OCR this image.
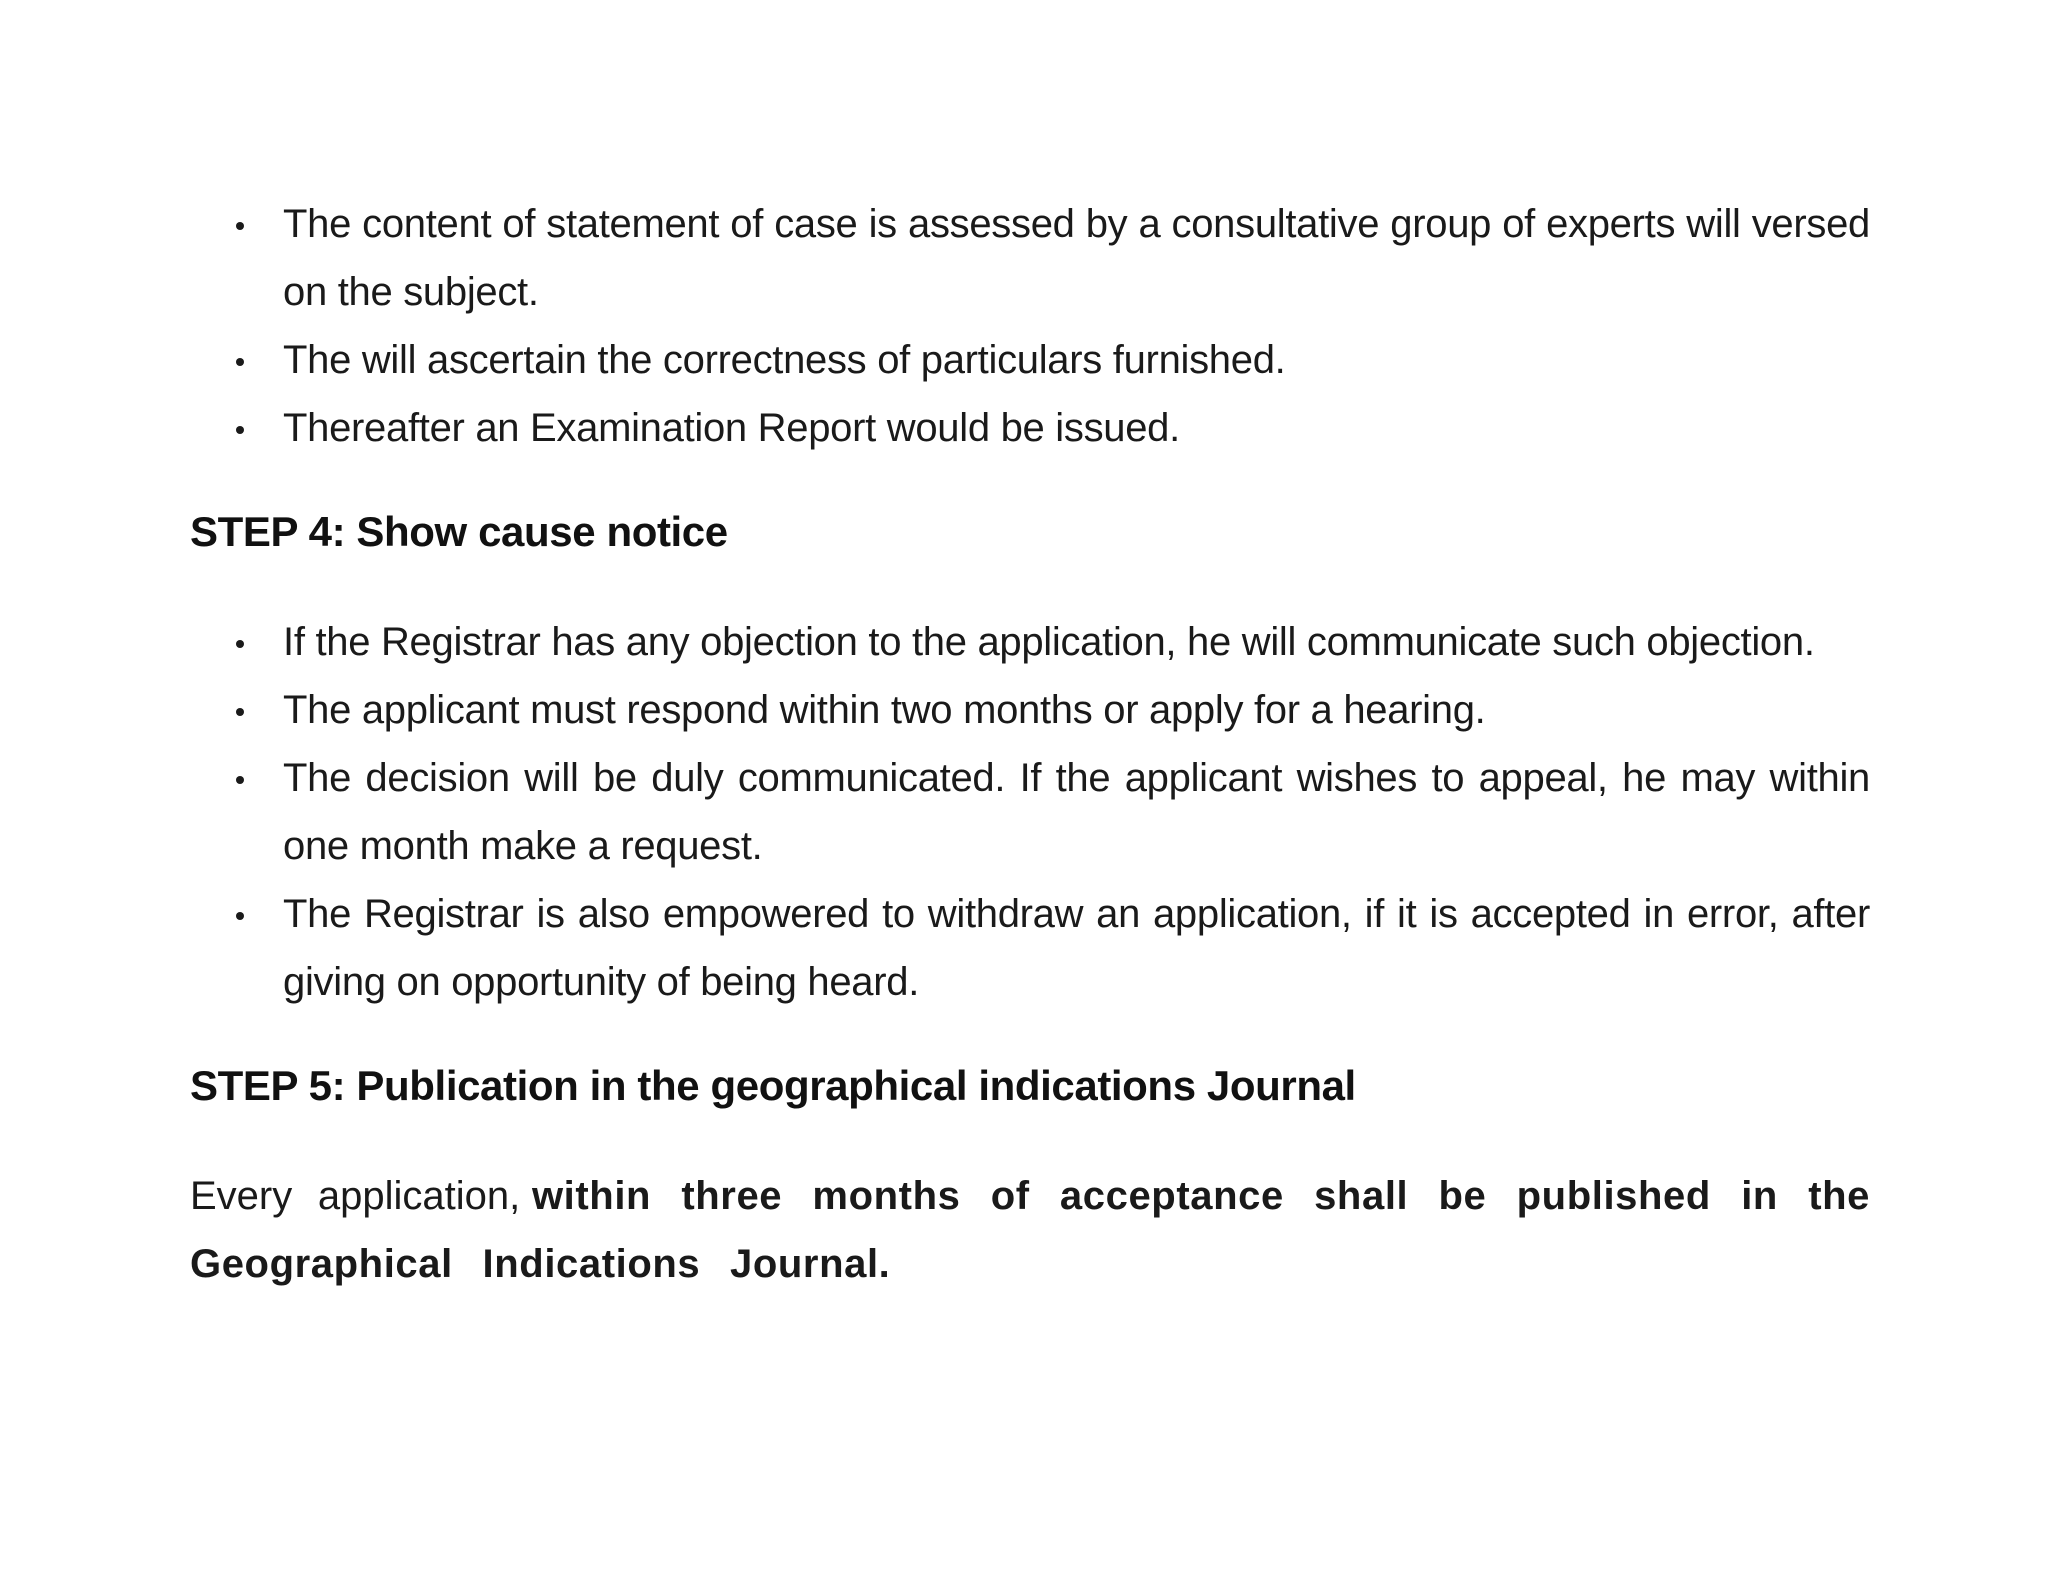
The content of statement of case is assessed by a consultative group of experts will versed on the subject.
The will ascertain the correctness of particulars furnished.
Thereafter an Examination Report would be issued.
STEP 4: Show cause notice
If the Registrar has any objection to the application, he will communicate such objection.
The applicant must respond within two months or apply for a hearing.
The decision will be duly communicated. If the applicant wishes to appeal, he may within one month make a request.
The Registrar is also empowered to withdraw an application, if it is accepted in error, after giving on opportunity of being heard.
STEP 5: Publication in the geographical indications Journal

Every application, within three months of acceptance shall be published in the Geographical Indications Journal.
